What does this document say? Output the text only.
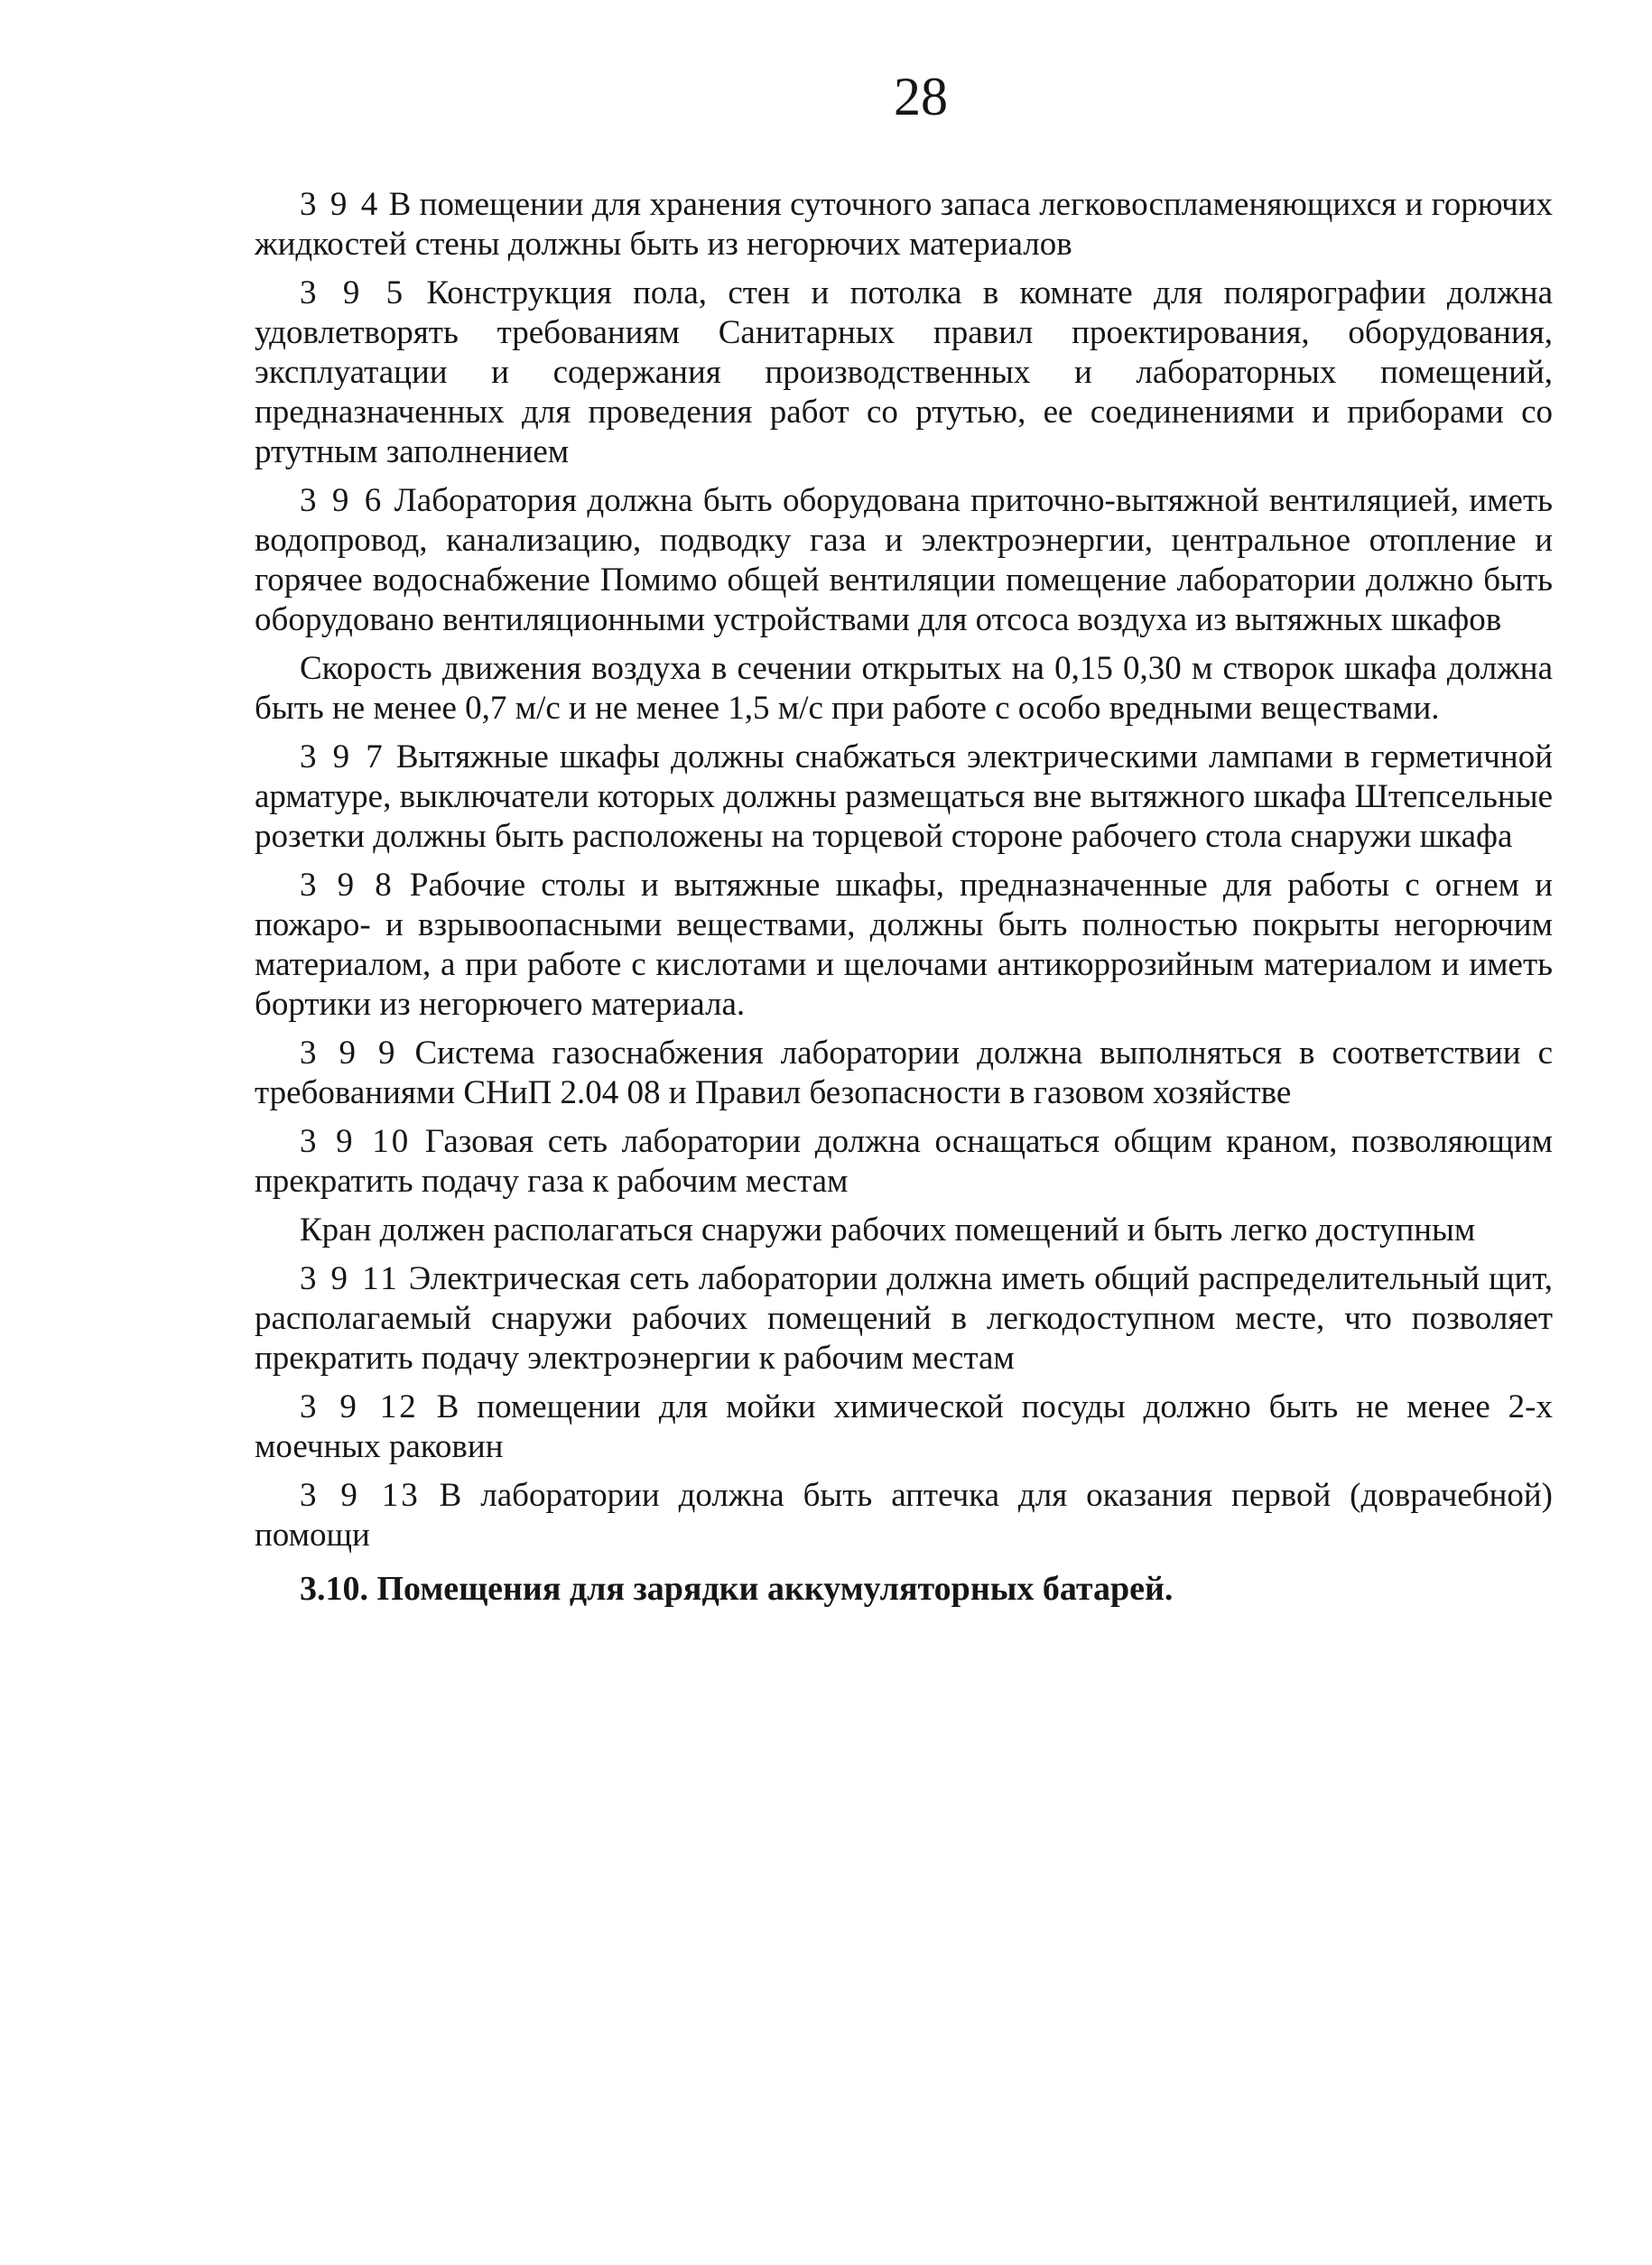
28

3 9 4 В помещении для хранения суточного запаса легковоспламеняющихся и горючих жидкостей стены должны быть из негорючих материалов

3 9 5 Конструкция пола, стен и потолка в комнате для полярографии должна удовлетворять требованиям Санитарных правил проектирования, оборудования, эксплуатации и содержания производственных и лабораторных помещений, предназначенных для проведения работ со ртутью, ее соединениями и приборами со ртутным заполнением

3 9 6 Лаборатория должна быть оборудована приточно-вытяжной вентиляцией, иметь водопровод, канализацию, подводку газа и электроэнергии, центральное отопление и горячее водоснабжение Помимо общей вентиляции помещение лаборатории должно быть оборудовано вентиляционными устройствами для отсоса воздуха из вытяжных шкафов

Скорость движения воздуха в сечении открытых на 0,15 0,30 м створок шкафа должна быть не менее 0,7 м/с и не менее 1,5 м/с при работе с особо вредными веществами.

3 9 7 Вытяжные шкафы должны снабжаться электрическими лампами в герметичной арматуре, выключатели которых должны размещаться вне вытяжного шкафа Штепсельные розетки должны быть расположены на торцевой стороне рабочего стола снаружи шкафа

3 9 8 Рабочие столы и вытяжные шкафы, предназначенные для работы с огнем и пожаро- и взрывоопасными веществами, должны быть полностью покрыты негорючим материалом, а при работе с кислотами и щелочами антикоррозийным материалом и иметь бортики из негорючего материала.

3 9 9 Система газоснабжения лаборатории должна выполняться в соответствии с требованиями СНиП 2.04 08 и Правил безопасности в газовом хозяйстве

3 9 10 Газовая сеть лаборатории должна оснащаться общим краном, позволяющим прекратить подачу газа к рабочим местам

Кран должен располагаться снаружи рабочих помещений и быть легко доступным

3 9 11 Электрическая сеть лаборатории должна иметь общий распределительный щит, располагаемый снаружи рабочих помещений в легкодоступном месте, что позволяет прекратить подачу электроэнергии к рабочим местам

3 9 12 В помещении для мойки химической посуды должно быть не менее 2-х моечных раковин

3 9 13 В лаборатории должна быть аптечка для оказания первой (доврачебной) помощи

3.10. Помещения для зарядки аккумуляторных батарей.
